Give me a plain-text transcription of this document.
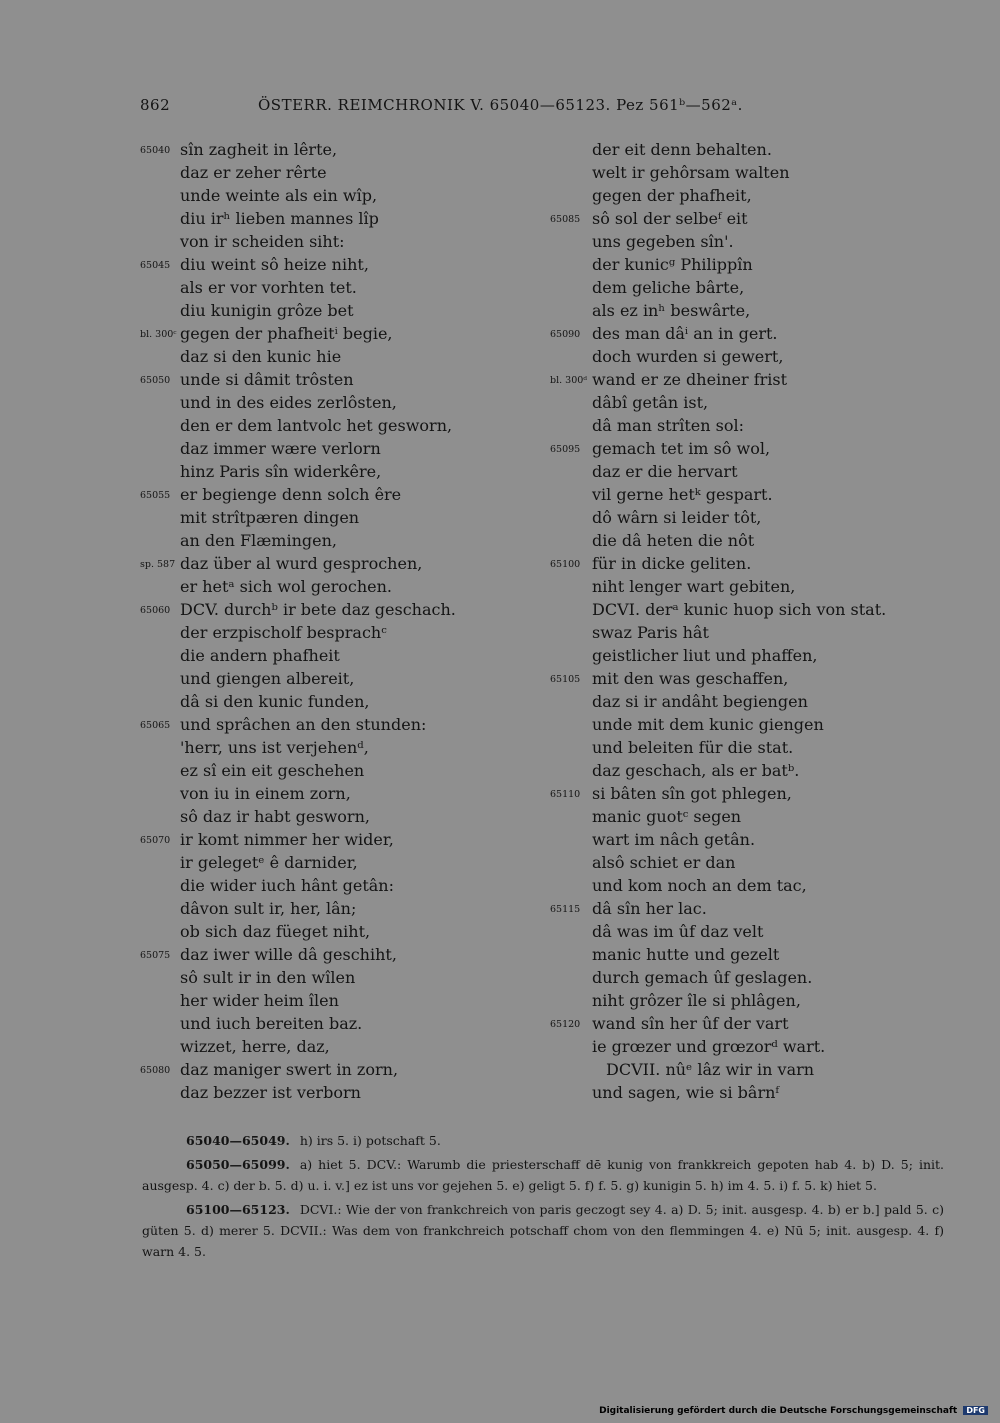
862	ÖSTERR. REIMCHRONIK V. 65040—65123. Pez 561ᵇ—562ᵃ.
65040 sîn zagheit in lêrte,
daz er zeher rêrte
unde weinte als ein wîp,
diu irʰ lieben mannes lîp
von ir scheiden siht:
65045 diu weint sô heize niht,
als er vor vorhten tet.
diu kunigin grôze bet
bl. 300ᶜ gegen der phafheitⁱ begie,
daz si den kunic hie
65050 unde si dâmit trôsten
und in des eides zerlôsten,
den er dem lantvolc het gesworn,
daz immer wære verlorn
hinz Paris sîn widerkêre,
65055 er begienge denn solch êre
mit strîtpæren dingen
an den Flæmingen,
sp. 587 daz über al wurd gesprochen,
er hetᵃ sich wol gerochen.
65060 DCV. durchᵇ ir bete daz geschach.
der erzpischolf besprachᶜ
die andern phafheit
und giengen albereit,
dâ si den kunic funden,
65065 und sprâchen an den stunden:
'herr, uns ist verjehenᵈ,
ez sî ein eit geschehen
von iu in einem zorn,
sô daz ir habt gesworn,
65070 ir komt nimmer her wider,
ir gelegetᵉ ê darnider,
die wider iuch hânt getân:
dâvon sult ir, her, lân;
ob sich daz füeget niht,
65075 daz iwer wille dâ geschiht,
sô sult ir in den wîlen
her wider heim îlen
und iuch bereiten baz.
wizzet, herre, daz,
65080 daz maniger swert in zorn,
daz bezzer ist verborn
der eit denn behalten.
welt ir gehôrsam walten
gegen der phafheit,
65085 sô sol der selbeᶠ eit
uns gegeben sîn'.
der kunicᵍ Philippîn
dem geliche bârte,
als ez inʰ beswârte,
65090 des man dâⁱ an in gert.
doch wurden si gewert,
bl. 300ᵈ wand er ze dheiner frist
dâbî getân ist,
dâ man strîten sol:
65095 gemach tet im sô wol,
daz er die hervart
vil gerne hetᵏ gespart.
dô wârn si leider tôt,
die dâ heten die nôt
65100 für in dicke geliten.
niht lenger wart gebiten,
DCVI. derᵃ kunic huop sich von stat.
swaz Paris hât
geistlicher liut und phaffen,
65105 mit den was geschaffen,
daz si ir andâht begiengen
unde mit dem kunic giengen
und beleiten für die stat.
daz geschach, als er batᵇ.
65110 si bâten sîn got phlegen,
manic guotᶜ segen
wart im nâch getân.
alsô schiet er dan
und kom noch an dem tac,
65115 dâ sîn her lac.
dâ was im ûf daz velt
manic hutte und gezelt
durch gemach ûf geslagen.
niht grôzer île si phlâgen,
65120 wand sîn her ûf der vart
ie grœzer und grœzorᵈ wart.
DCVII. nûᵉ lâz wir in varn
und sagen, wie si bârnᶠ
65040—65049. h) irs 5. i) potschaft 5.
65050—65099. a) hiet 5. DCV.: Warumb die priesterschaff dē kunig von frankkreich gepoten hab 4. b) D. 5; init. ausgesp. 4. c) der b. 5. d) u. i. v.] ez ist uns vor gejehen 5. e) geligt 5. f) f. 5. g) kunigin 5. h) im 4. 5. i) f. 5. k) hiet 5.
65100—65123. DCVI.: Wie der von frankchreich von paris geczogt sey 4. a) D. 5; init. ausgesp. 4. b) er b.] pald 5. c) güten 5. d) merer 5. DCVII.: Was dem von frankchreich potschaff chom von den flemmingen 4. e) Nū 5; init. ausgesp. 4. f) warn 4. 5.
Digitalisierung gefördert durch die Deutsche Forschungsgemeinschaft DFG
